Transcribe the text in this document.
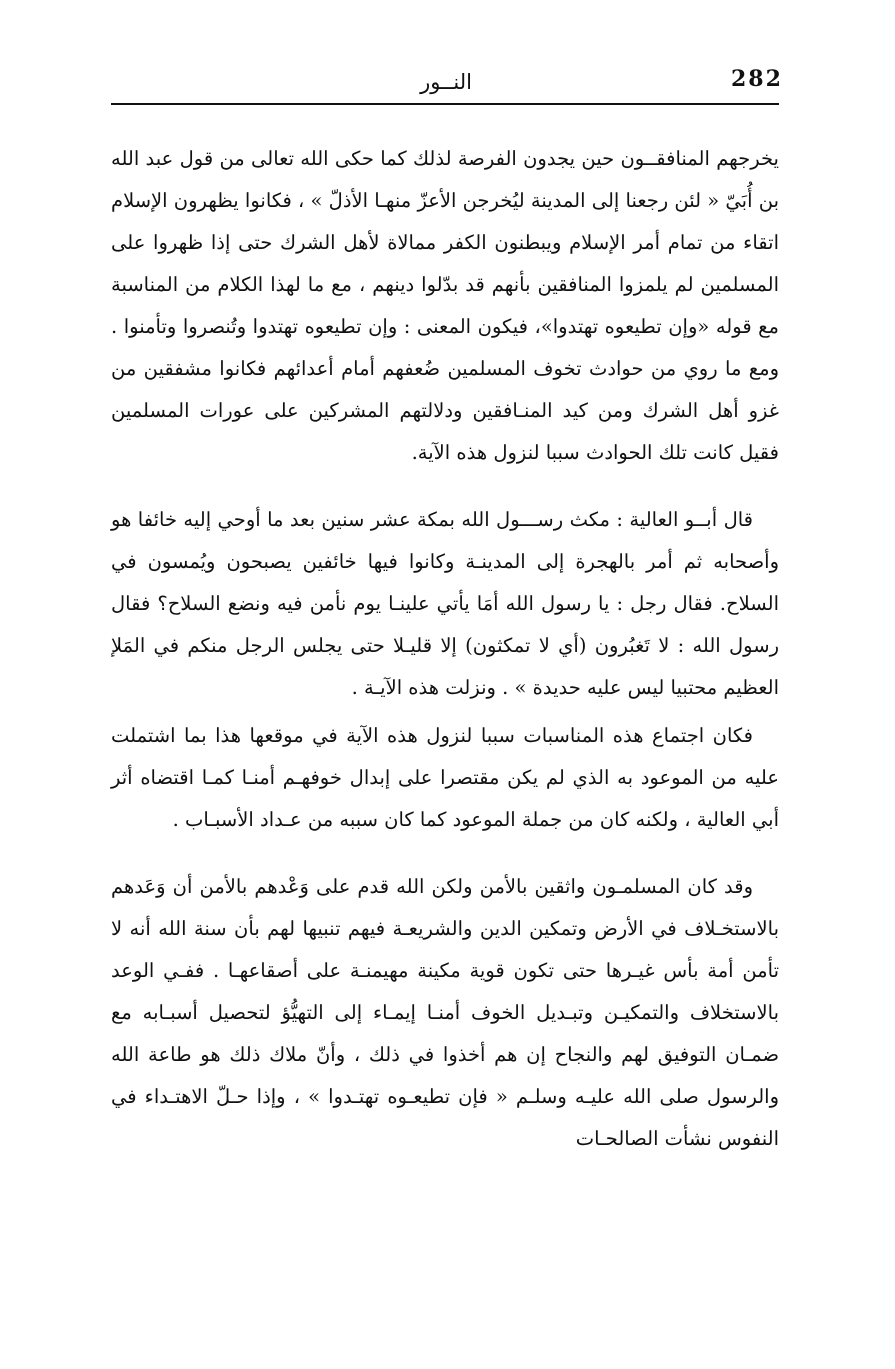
282
النــور

يخرجهم المنافقــون حين يجدون الفرصة لذلك كما حكى الله تعالى من قول عبد الله بن أُبَيّ « لئن رجعنا إلى المدينة ليُخرجن الأعزّ منهـا الأذلّ » ، فكانوا يظهرون الإسلام اتقاء من تمام أمر الإسلام ويبطنون الكفر ممالاة لأهل الشرك حتى إذا ظهروا على المسلمين لم يلمزوا المنافقين بأنهم قد بدّلوا دينهم ، مع ما لهذا الكلام من المناسبة مع قوله «وإن تطيعوه تهتدوا»، فيكون المعنى : وإن تطيعوه تهتدوا وتُنصروا وتأمنوا . ومع ما روي من حوادث تخوف المسلمين ضُعفهم أمام أعدائهم فكانوا مشفقين من غزو أهل الشرك ومن كيد المنـافقين ودلالتهم المشركين على عورات المسلمين فقيل كانت تلك الحوادث سببا لنزول هذه الآية.

قال أبــو العالية : مكث رســـول الله بمكة عشر سنين بعد ما أوحي إليه خائفا هو وأصحابه ثم أمر بالهجرة إلى المدينـة وكانوا فيها خائفين يصبحون ويُمسون في السلاح. فقال رجل : يا رسول الله أمَا يأتي علينـا يوم نأمن فيه ونضع السلاح؟ فقال رسول الله : لا تَغبُرون (أي لا تمكثون) إلا قليـلا حتى يجلس الرجل منكم في المَلإ العظيم محتبيا ليس عليه حديدة » . ونزلت هذه الآيـة .

فكان اجتماع هذه المناسبات سببا لنزول هذه الآية في موقعها هذا بما اشتملت عليه من الموعود به الذي لم يكن مقتصرا على إبدال خوفهـم أمنـا كمـا اقتضاه أثر أبي العالية ، ولكنه كان من جملة الموعود كما كان سببه من عـداد الأسبـاب .

وقد كان المسلمـون واثقين بالأمن ولكن الله قدم على وَعْدهم بالأمن أن وَعَدهم بالاستخـلاف في الأرض وتمكين الدين والشريعـة فيهم تنبيها لهم بأن سنة الله أنه لا تأمن أمة بأس غيـرها حتى تكون قوية مكينة مهيمنـة على أصقاعهـا . ففـي الوعد بالاستخلاف والتمكيـن وتبـديل الخوف أمنـا إيمـاء إلى التهيُّؤ لتحصيل أسبـابه مع ضمـان التوفيق لهم والنجاح إن هم أخذوا في ذلك ، وأنّ ملاك ذلك هو طاعة الله والرسول صلى الله عليـه وسلـم « فإن تطيعـوه تهتـدوا » ، وإذا حـلّ الاهتـداء في النفوس نشأت الصالحـات
